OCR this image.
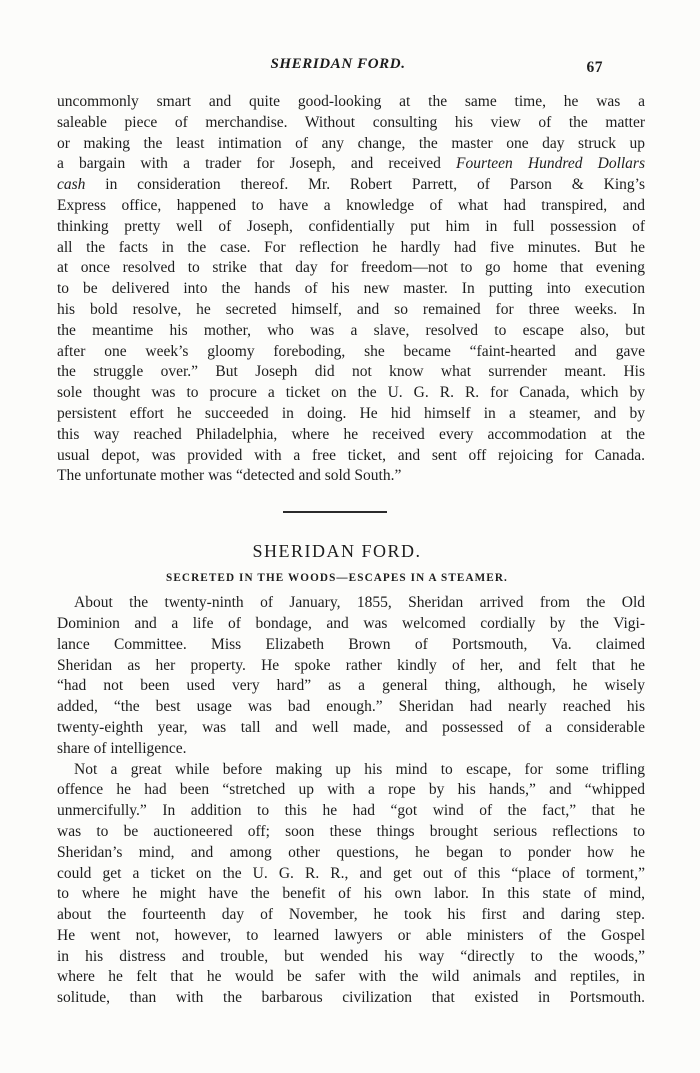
SHERIDAN FORD.	67
uncommonly smart and quite good-looking at the same time, he was a
saleable piece of merchandise. Without consulting his view of the matter
or making the least intimation of any change, the master one day struck up
a bargain with a trader for Joseph, and received Fourteen Hundred Dollars
cash in consideration thereof. Mr. Robert Parrett, of Parson & King’s
Express office, happened to have a knowledge of what had transpired, and
thinking pretty well of Joseph, confidentially put him in full possession of
all the facts in the case. For reflection he hardly had five minutes. But he
at once resolved to strike that day for freedom—not to go home that evening
to be delivered into the hands of his new master. In putting into execution
his bold resolve, he secreted himself, and so remained for three weeks. In
the meantime his mother, who was a slave, resolved to escape also, but
after one week’s gloomy foreboding, she became “faint-hearted and gave
the struggle over.” But Joseph did not know what surrender meant. His
sole thought was to procure a ticket on the U. G. R. R. for Canada, which by
persistent effort he succeeded in doing. He hid himself in a steamer, and by
this way reached Philadelphia, where he received every accommodation at the
usual depot, was provided with a free ticket, and sent off rejoicing for Canada.
The unfortunate mother was “detected and sold South.”
SHERIDAN FORD.
SECRETED IN THE WOODS—ESCAPES IN A STEAMER.
About the twenty-ninth of January, 1855, Sheridan arrived from the Old
Dominion and a life of bondage, and was welcomed cordially by the Vigi-
lance Committee. Miss Elizabeth Brown of Portsmouth, Va. claimed
Sheridan as her property. He spoke rather kindly of her, and felt that he
“had not been used very hard” as a general thing, although, he wisely
added, “the best usage was bad enough.” Sheridan had nearly reached his
twenty-eighth year, was tall and well made, and possessed of a considerable
share of intelligence.
Not a great while before making up his mind to escape, for some trifling
offence he had been “stretched up with a rope by his hands,” and “whipped
unmercifully.” In addition to this he had “got wind of the fact,” that he
was to be auctioneered off; soon these things brought serious reflections to
Sheridan’s mind, and among other questions, he began to ponder how he
could get a ticket on the U. G. R. R., and get out of this “place of torment,”
to where he might have the benefit of his own labor. In this state of mind,
about the fourteenth day of November, he took his first and daring step.
He went not, however, to learned lawyers or able ministers of the Gospel
in his distress and trouble, but wended his way “directly to the woods,”
where he felt that he would be safer with the wild animals and reptiles, in
solitude, than with the barbarous civilization that existed in Portsmouth.
